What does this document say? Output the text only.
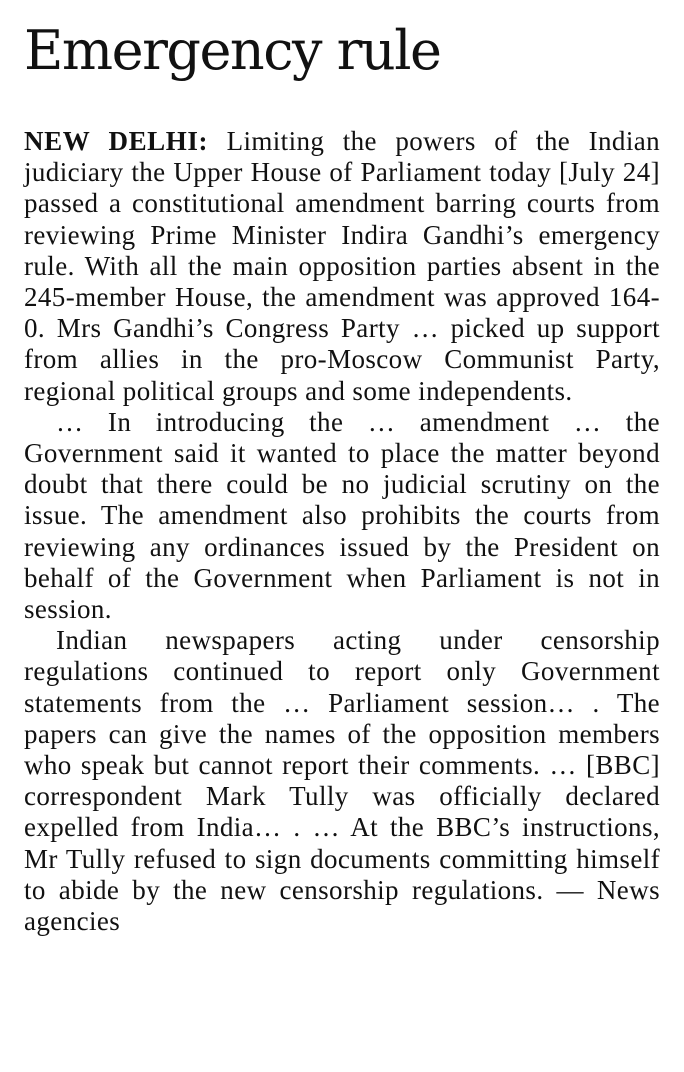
Emergency rule

NEW DELHI: Limiting the powers of the Indian judiciary the Upper House of Parliament today [July 24] passed a constitutional amendment barring courts from reviewing Prime Minister Indira Gandhi’s emergency rule. With all the main opposition parties absent in the 245-member House, the amendment was approved 164-0. Mrs Gandhi’s Congress Party … picked up support from allies in the pro-Moscow Communist Party, regional political groups and some independents.

… In introducing the … amendment … the Government said it wanted to place the matter beyond doubt that there could be no judicial scrutiny on the issue. The amendment also prohibits the courts from reviewing any ordinances issued by the President on behalf of the Government when Parliament is not in session.

Indian newspapers acting under censorship regulations continued to report only Government statements from the … Parliament session… . The papers can give the names of the opposition members who speak but cannot report their comments. … [BBC] correspondent Mark Tully was officially declared expelled from India… . … At the BBC’s instructions, Mr Tully refused to sign documents committing himself to abide by the new censorship regulations. — News agencies
